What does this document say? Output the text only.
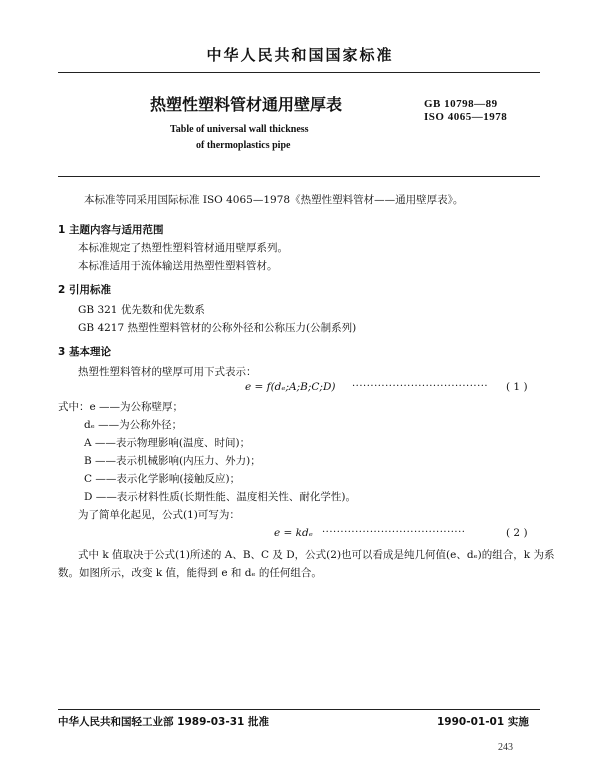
中华人民共和国国家标准
热塑性塑料管材通用壁厚表
Table of universal wall thickness
of thermoplastics pipe
GB 10798—89
ISO 4065—1978
本标准等同采用国际标准 ISO 4065—1978《热塑性塑料管材——通用壁厚表》。
1 主题内容与适用范围
本标准规定了热塑性塑料管材通用壁厚系列。
本标准适用于流体输送用热塑性塑料管材。
2 引用标准
GB 321 优先数和优先数系
GB 4217 热塑性塑料管材的公称外径和公称压力(公制系列)
3 基本理论
热塑性塑料管材的壁厚可用下式表示：
e = f(dₑ;A;B;C;D) ·····································	( 1 )
式中：e ——为公称壁厚；
dₑ ——为公称外径；
A ——表示物理影响(温度、时间)；
B ——表示机械影响(内压力、外力)；
C ——表示化学影响(接触反应)；
D ——表示材料性质(长期性能、温度相关性、耐化学性)。
为了简单化起见，公式(1)可写为：
e = kdₑ ·······································	( 2 )
式中 k 值取决于公式(1)所述的 A、B、C 及 D，公式(2)也可以看成是纯几何值(e、dₑ)的组合，k 为系
数。如图所示，改变 k 值，能得到 e 和 dₑ 的任何组合。
中华人民共和国轻工业部 1989-03-31 批准	1990-01-01 实施
243
